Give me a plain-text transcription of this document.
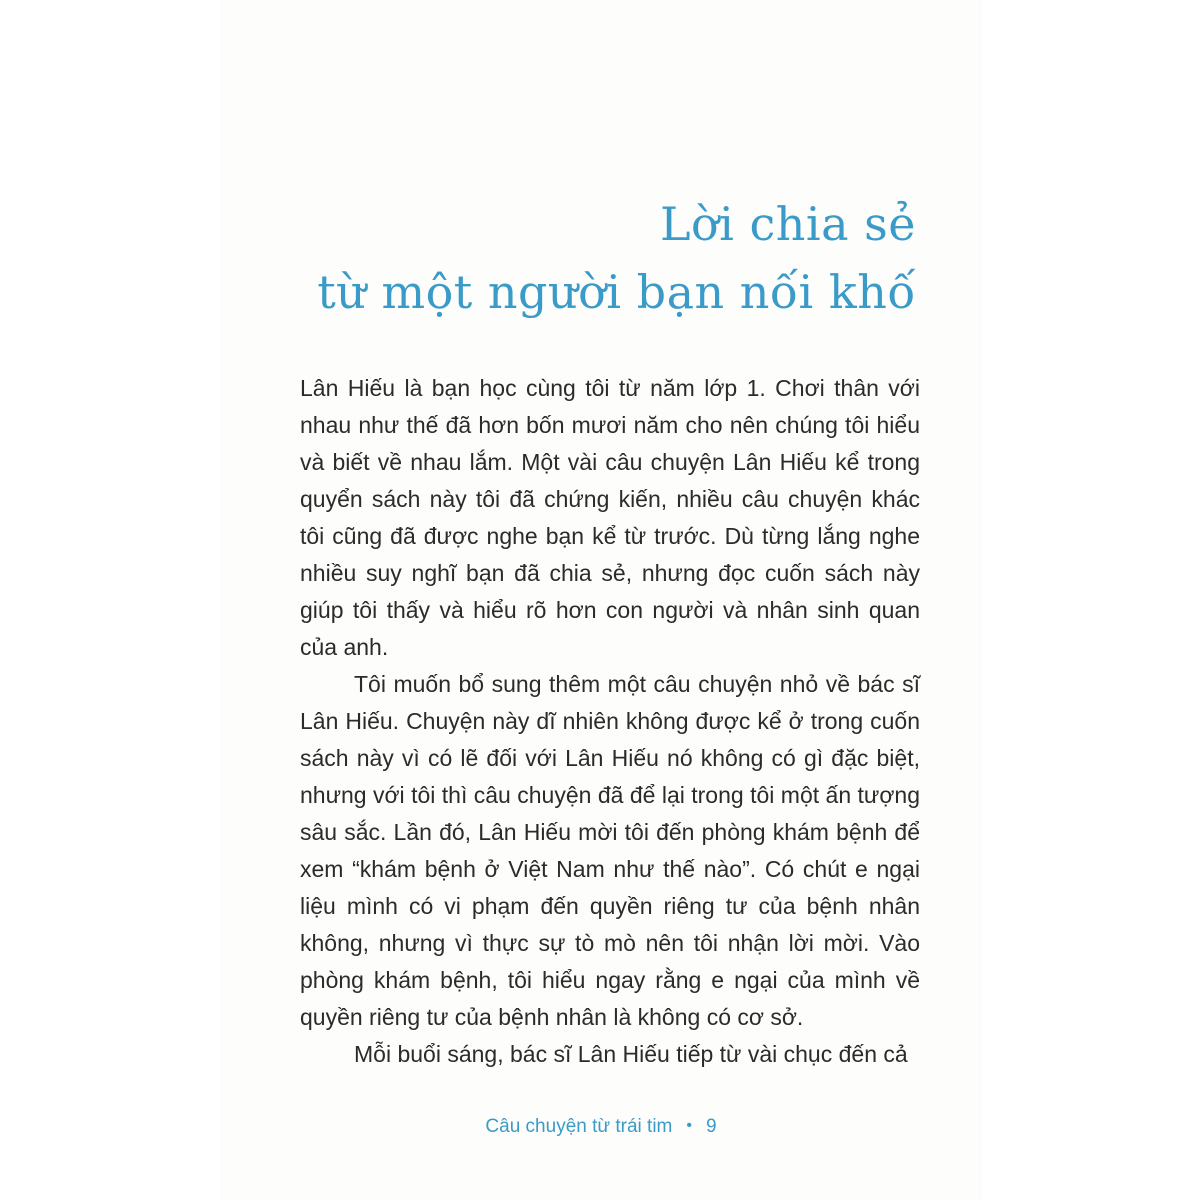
Lời chia sẻ
từ một người bạn nối khố

Lân Hiếu là bạn học cùng tôi từ năm lớp 1. Chơi thân với nhau như thế đã hơn bốn mươi năm cho nên chúng tôi hiểu và biết về nhau lắm. Một vài câu chuyện Lân Hiếu kể trong quyển sách này tôi đã chứng kiến, nhiều câu chuyện khác tôi cũng đã được nghe bạn kể từ trước. Dù từng lắng nghe nhiều suy nghĩ bạn đã chia sẻ, nhưng đọc cuốn sách này giúp tôi thấy và hiểu rõ hơn con người và nhân sinh quan của anh.

Tôi muốn bổ sung thêm một câu chuyện nhỏ về bác sĩ Lân Hiếu. Chuyện này dĩ nhiên không được kể ở trong cuốn sách này vì có lẽ đối với Lân Hiếu nó không có gì đặc biệt, nhưng với tôi thì câu chuyện đã để lại trong tôi một ấn tượng sâu sắc. Lần đó, Lân Hiếu mời tôi đến phòng khám bệnh để xem “khám bệnh ở Việt Nam như thế nào”. Có chút e ngại liệu mình có vi phạm đến quyền riêng tư của bệnh nhân không, nhưng vì thực sự tò mò nên tôi nhận lời mời. Vào phòng khám bệnh, tôi hiểu ngay rằng e ngại của mình về quyền riêng tư của bệnh nhân là không có cơ sở.

Mỗi buổi sáng, bác sĩ Lân Hiếu tiếp từ vài chục đến cả

Câu chuyện từ trái tim • 9
